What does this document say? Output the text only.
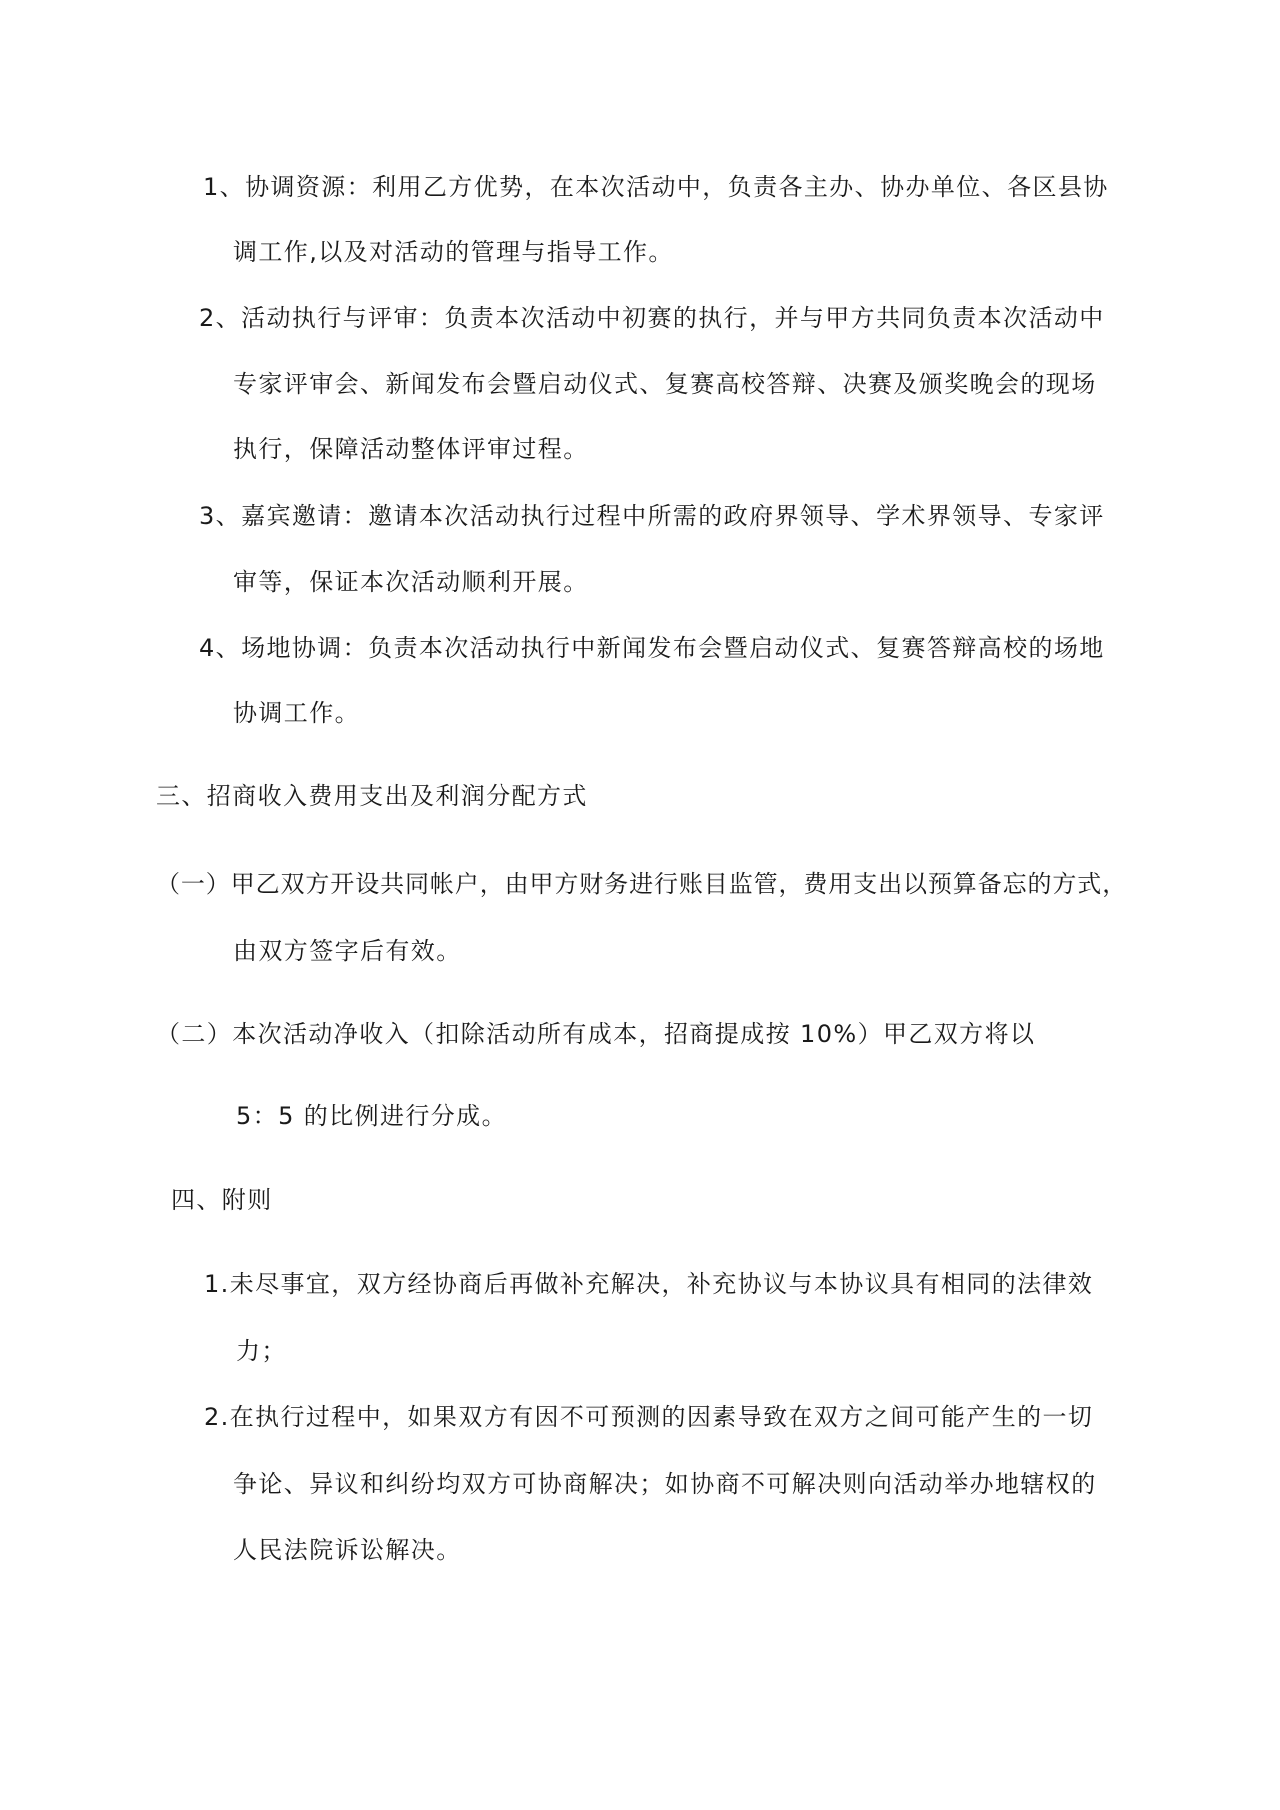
1、协调资源：利用乙方优势，在本次活动中，负责各主办、协办单位、各区县协

调工作,以及对活动的管理与指导工作。

2、活动执行与评审：负责本次活动中初赛的执行，并与甲方共同负责本次活动中

专家评审会、新闻发布会暨启动仪式、复赛高校答辩、决赛及颁奖晚会的现场

执行，保障活动整体评审过程。

3、嘉宾邀请：邀请本次活动执行过程中所需的政府界领导、学术界领导、专家评

审等，保证本次活动顺利开展。

4、场地协调：负责本次活动执行中新闻发布会暨启动仪式、复赛答辩高校的场地

协调工作。

三、招商收入费用支出及利润分配方式

（一）甲乙双方开设共同帐户，由甲方财务进行账目监管，费用支出以预算备忘的方式，

由双方签字后有效。

（二）本次活动净收入（扣除活动所有成本，招商提成按 10%）甲乙双方将以

5：5 的比例进行分成。

四、附则

1.未尽事宜，双方经协商后再做补充解决，补充协议与本协议具有相同的法律效

力；

2.在执行过程中，如果双方有因不可预测的因素导致在双方之间可能产生的一切

争论、异议和纠纷均双方可协商解决；如协商不可解决则向活动举办地辖权的

人民法院诉讼解决。
